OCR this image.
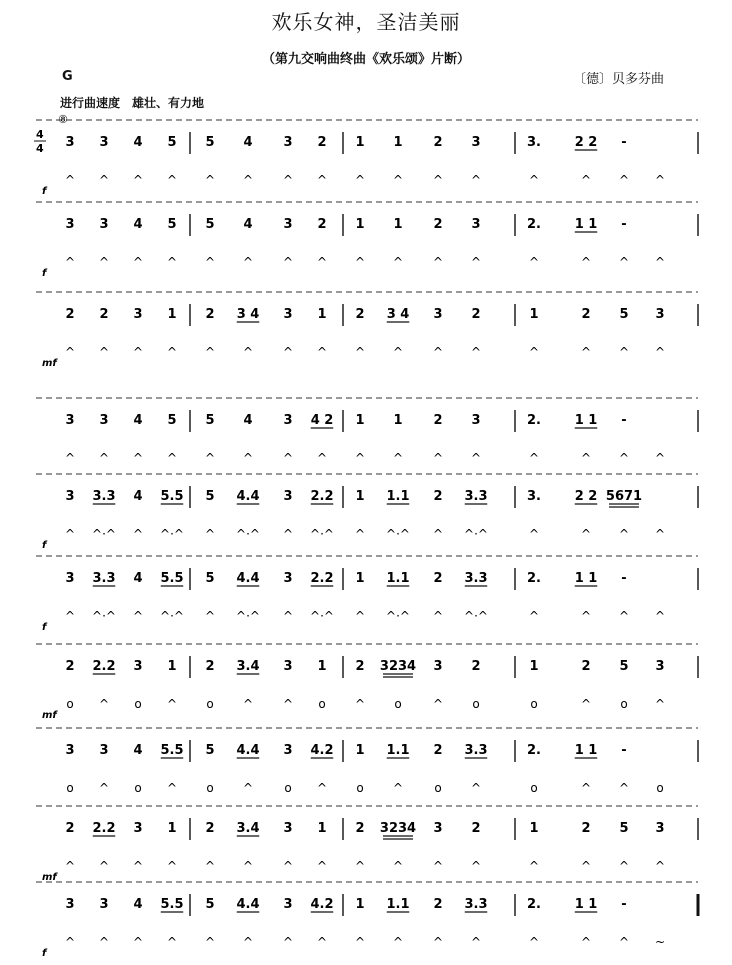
欢乐女神，圣洁美丽
（第九交响曲终曲《欢乐颂》片断）
G	〔德〕贝多芬曲
进行曲速度　雄壮、有力地
3 3 4 5 5 4 3 2 1 1 2 3	3.	2 2 -
^ ^ ^ ^ ^ ^ ^ ^ ^ ^ ^ ^	^	^ ^ ^
f
3 3 4 5 5 4 3 2 1 1 2 3	2.	1 1 -
^ ^ ^ ^ ^ ^ ^ ^ ^ ^ ^ ^	^	^ ^ ^
f
2 2 3 1 2 3 4 3 1 2 3 4 3 2	1	2 5 3
^ ^ ^ ^ ^ ^ ^ ^ ^ ^ ^ ^	^	^ ^ ^
mf
3 3 4 5 5 4 3 4 2 1 1 2 3	2.	1 1 -
^ ^ ^ ^ ^ ^ ^ ^ ^ ^ ^ ^	^	^ ^ ^
3 3.3 4 5.5 5 4.4 3 2.2 1 1.1 2 3.3	3.	2 2 5671
^ ^·^ ^ ^·^ ^ ^·^ ^ ^·^ ^ ^·^ ^ ^·^	^	^ ^ ^
f
3 3.3 4 5.5 5 4.4 3 2.2 1 1.1 2 3.3	2.	1 1 -
^ ^·^ ^ ^·^ ^ ^·^ ^ ^·^ ^ ^·^ ^ ^·^	^	^ ^ ^
f
2 2.2 3 1 2 3.4 3 1 2 3234 3 2	1	2 5 3
o ^ o ^ o ^ ^ o ^ o	^ o	o	^ o ^
mf
3 3 4 5.5 5 4.4 3 4.2 1 1.1 2 3.3	2.	1 1 -
o ^ o ^ o ^	o ^ o ^	o ^	o	^ ^ o
2 2.2 3 1 2 3.4 3 1 2 3234 3 2	1	2 5 3
^ ^ ^ ^ ^ ^ ^ ^ ^ ^ ^ ^	^	^ ^ ^
mf
3 3 4 5.5 5 4.4 3 4.2 1 1.1 2 3.3	2.	1 1 -
^ ^ ^ ^ ^ ^ ^ ^ ^ ^ ^ ^	^	^ ^ ~
f
4
4
⑧
